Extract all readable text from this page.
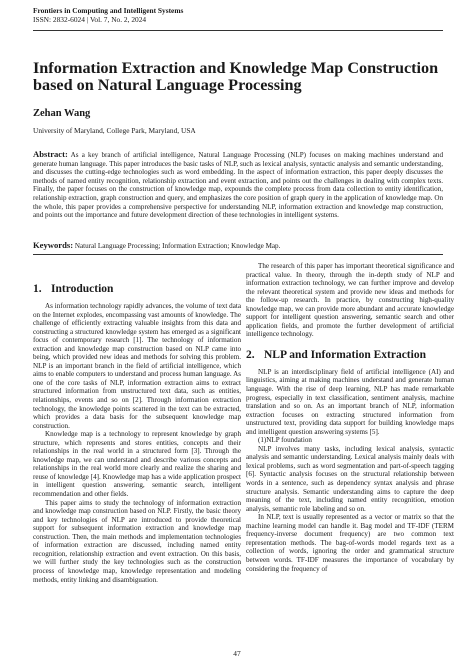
Frontiers in Computing and Intelligent Systems
ISSN: 2832-6024 | Vol. 7, No. 2, 2024
Information Extraction and Knowledge Map Construction based on Natural Language Processing
Zehan Wang
University of Maryland, College Park, Maryland, USA

Abstract: As a key branch of artificial intelligence, Natural Language Processing (NLP) focuses on making machines understand and generate human language. This paper introduces the basic tasks of NLP, such as lexical analysis, syntactic analysis and semantic understanding, and discusses the cutting-edge technologies such as word embedding. In the aspect of information extraction, this paper deeply discusses the methods of named entity recognition, relationship extraction and event extraction, and points out the challenges in dealing with complex texts. Finally, the paper focuses on the construction of knowledge map, expounds the complete process from data collection to entity identification, relationship extraction, graph construction and query, and emphasizes the core position of graph query in the application of knowledge map. On the whole, this paper provides a comprehensive perspective for understanding NLP, information extraction and knowledge map construction, and points out the importance and future development direction of these technologies in intelligent systems.

Keywords: Natural Language Processing; Information Extraction; Knowledge Map.

1. Introduction

As information technology rapidly advances, the volume of text data on the Internet explodes, encompassing vast amounts of knowledge. The challenge of efficiently extracting valuable insights from this data and constructing a structured knowledge system has emerged as a significant focus of contemporary research [1]. The technology of information extraction and knowledge map construction based on NLP came into being, which provided new ideas and methods for solving this problem. NLP is an important branch in the field of artificial intelligence, which aims to enable computers to understand and process human language. As one of the core tasks of NLP, information extraction aims to extract structured information from unstructured text data, such as entities, relationships, events and so on [2]. Through information extraction technology, the knowledge points scattered in the text can be extracted, which provides a data basis for the subsequent knowledge map construction.

Knowledge map is a technology to represent knowledge by graph structure, which represents and stores entities, concepts and their relationships in the real world in a structured form [3]. Through the knowledge map, we can understand and describe various concepts and relationships in the real world more clearly and realize the sharing and reuse of knowledge [4]. Knowledge map has a wide application prospect in intelligent question answering, semantic search, intelligent recommendation and other fields.

This paper aims to study the technology of information extraction and knowledge map construction based on NLP. Firstly, the basic theory and key technologies of NLP are introduced to provide theoretical support for subsequent information extraction and knowledge map construction. Then, the main methods and implementation technologies of information extraction are discussed, including named entity recognition, relationship extraction and event extraction. On this basis, we will further study the key technologies such as the construction process of knowledge map, knowledge representation and modeling methods, entity linking and disambiguation.

The research of this paper has important theoretical significance and practical value. In theory, through the in-depth study of NLP and information extraction technology, we can further improve and develop the relevant theoretical system and provide new ideas and methods for the follow-up research. In practice, by constructing high-quality knowledge map, we can provide more abundant and accurate knowledge support for intelligent question answering, semantic search and other application fields, and promote the further development of artificial intelligence technology.

2. NLP and Information Extraction

NLP is an interdisciplinary field of artificial intelligence (AI) and linguistics, aiming at making machines understand and generate human language. With the rise of deep learning, NLP has made remarkable progress, especially in text classification, sentiment analysis, machine translation and so on. As an important branch of NLP, information extraction focuses on extracting structured information from unstructured text, providing data support for building knowledge maps and intelligent question answering systems [5].

(1)NLP foundation

NLP involves many tasks, including lexical analysis, syntactic analysis and semantic understanding. Lexical analysis mainly deals with lexical problems, such as word segmentation and part-of-speech tagging [6]. Syntactic analysis focuses on the structural relationship between words in a sentence, such as dependency syntax analysis and phrase structure analysis. Semantic understanding aims to capture the deep meaning of the text, including named entity recognition, emotion analysis, semantic role labeling and so on.

In NLP, text is usually represented as a vector or matrix so that the machine learning model can handle it. Bag model and TF-IDF (TERM frequency-inverse document frequency) are two common text representation methods. The bag-of-words model regards text as a collection of words, ignoring the order and grammatical structure between words. TF-IDF measures the importance of vocabulary by considering the frequency of

47
